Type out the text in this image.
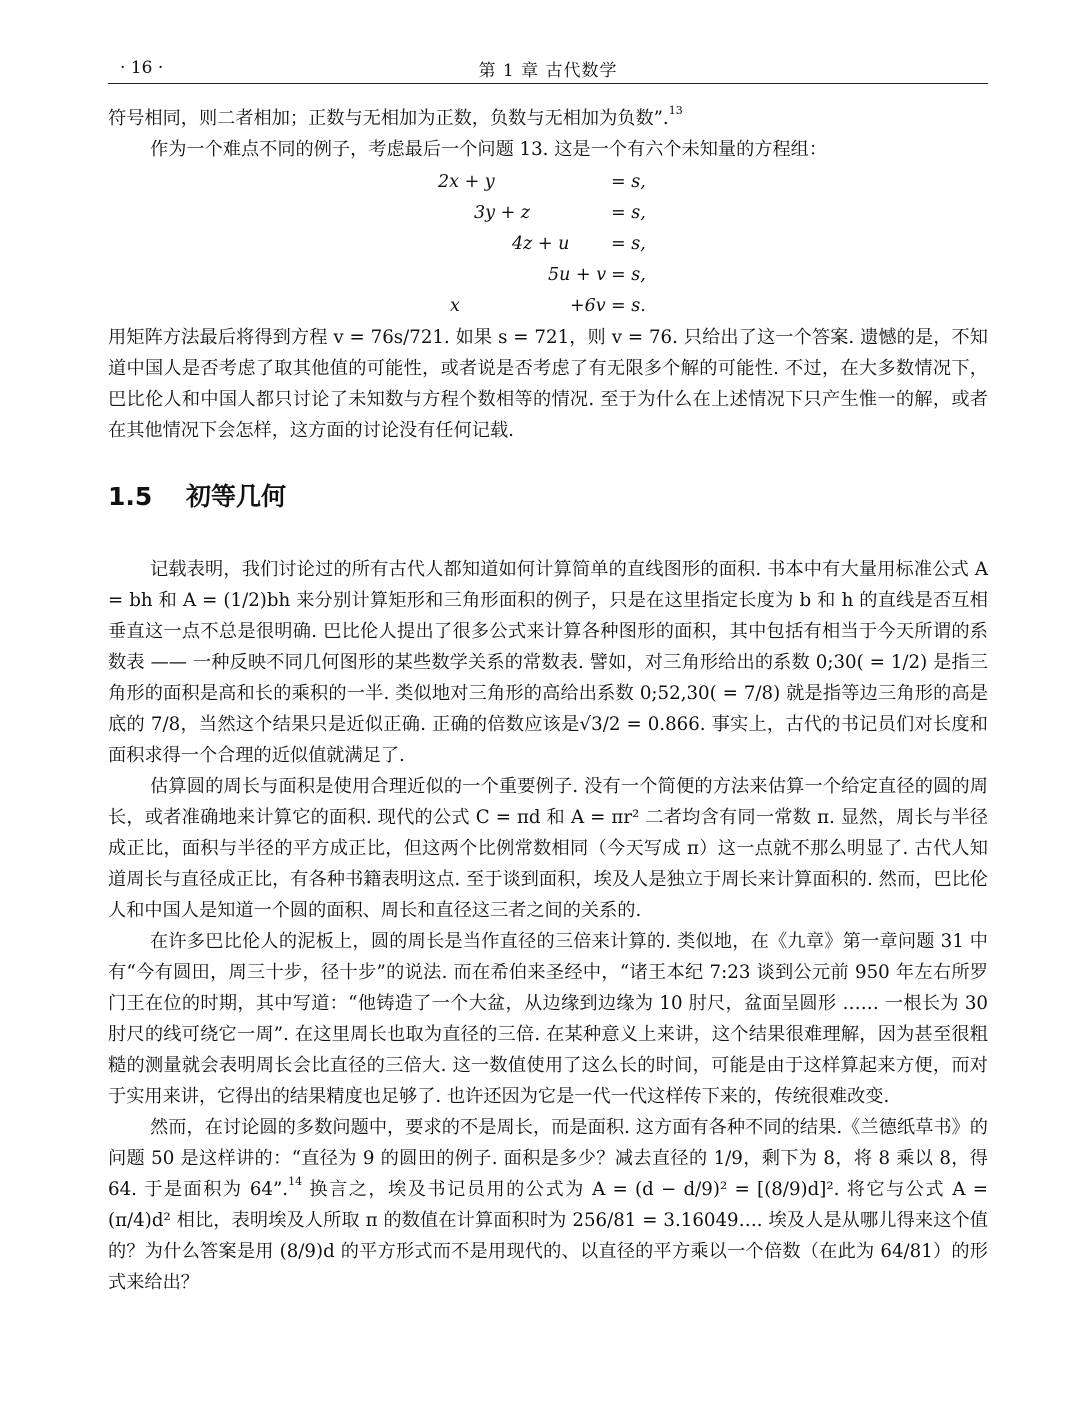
· 16 ·	第 1 章 古代数学

符号相同，则二者相加；正数与无相加为正数，负数与无相加为负数”.$^{13}$

作为一个难点不同的例子，考虑最后一个问题 13. 这是一个有六个未知量的方程组：

2x + y	= s,
3y + z	= s,
4z + u = s,
5u + v = s,
x	+6v = s.

用矩阵方法最后将得到方程 v = 76s/721. 如果 s = 721，则 v = 76. 只给出了这一个答案. 遗憾的是，不知道中国人是否考虑了取其他值的可能性，或者说是否考虑了有无限多个解的可能性. 不过，在大多数情况下，巴比伦人和中国人都只讨论了未知数与方程个数相等的情况. 至于为什么在上述情况下只产生惟一的解，或者在其他情况下会怎样，这方面的讨论没有任何记载.

1.5 初等几何

记载表明，我们讨论过的所有古代人都知道如何计算简单的直线图形的面积. 书本中有大量用标准公式 A = bh 和 A = (1/2)bh 来分别计算矩形和三角形面积的例子，只是在这里指定长度为 b 和 h 的直线是否互相垂直这一点不总是很明确. 巴比伦人提出了很多公式来计算各种图形的面积，其中包括有相当于今天所谓的系数表 —— 一种反映不同几何图形的某些数学关系的常数表. 譬如，对三角形给出的系数 0;30( = 1/2) 是指三角形的面积是高和长的乘积的一半. 类似地对三角形的高给出系数 0;52,30( = 7/8) 就是指等边三角形的高是底的 7/8，当然这个结果只是近似正确. 正确的倍数应该是√3/2 = 0.866. 事实上，古代的书记员们对长度和面积求得一个合理的近似值就满足了.

估算圆的周长与面积是使用合理近似的一个重要例子. 没有一个简便的方法来估算一个给定直径的圆的周长，或者准确地来计算它的面积. 现代的公式 C = πd 和 A = πr² 二者均含有同一常数 π. 显然，周长与半径成正比，面积与半径的平方成正比，但这两个比例常数相同（今天写成 π）这一点就不那么明显了. 古代人知道周长与直径成正比，有各种书籍表明这点. 至于谈到面积，埃及人是独立于周长来计算面积的. 然而，巴比伦人和中国人是知道一个圆的面积、周长和直径这三者之间的关系的.

在许多巴比伦人的泥板上，圆的周长是当作直径的三倍来计算的. 类似地，在《九章》第一章问题 31 中有“今有圆田，周三十步，径十步”的说法. 而在希伯来圣经中，“诸王本纪 7:23 谈到公元前 950 年左右所罗门王在位的时期，其中写道：“他铸造了一个大盆，从边缘到边缘为 10 肘尺，盆面呈圆形 …… 一根长为 30 肘尺的线可绕它一周”. 在这里周长也取为直径的三倍. 在某种意义上来讲，这个结果很难理解，因为甚至很粗糙的测量就会表明周长会比直径的三倍大. 这一数值使用了这么长的时间，可能是由于这样算起来方便，而对于实用来讲，它得出的结果精度也足够了. 也许还因为它是一代一代这样传下来的，传统很难改变.

然而，在讨论圆的多数问题中，要求的不是周长，而是面积. 这方面有各种不同的结果.《兰德纸草书》的问题 50 是这样讲的：“直径为 9 的圆田的例子. 面积是多少？减去直径的 1/9，剩下为 8，将 8 乘以 8，得 64. 于是面积为 64”.$^{14}$ 换言之，埃及书记员用的公式为 A = (d − d/9)² = [(8/9)d]². 将它与公式 A = (π/4)d² 相比，表明埃及人所取 π 的数值在计算面积时为 256/81 = 3.16049…. 埃及人是从哪儿得来这个值的？为什么答案是用 (8/9)d 的平方形式而不是用现代的、以直径的平方乘以一个倍数（在此为 64/81）的形式来给出？
